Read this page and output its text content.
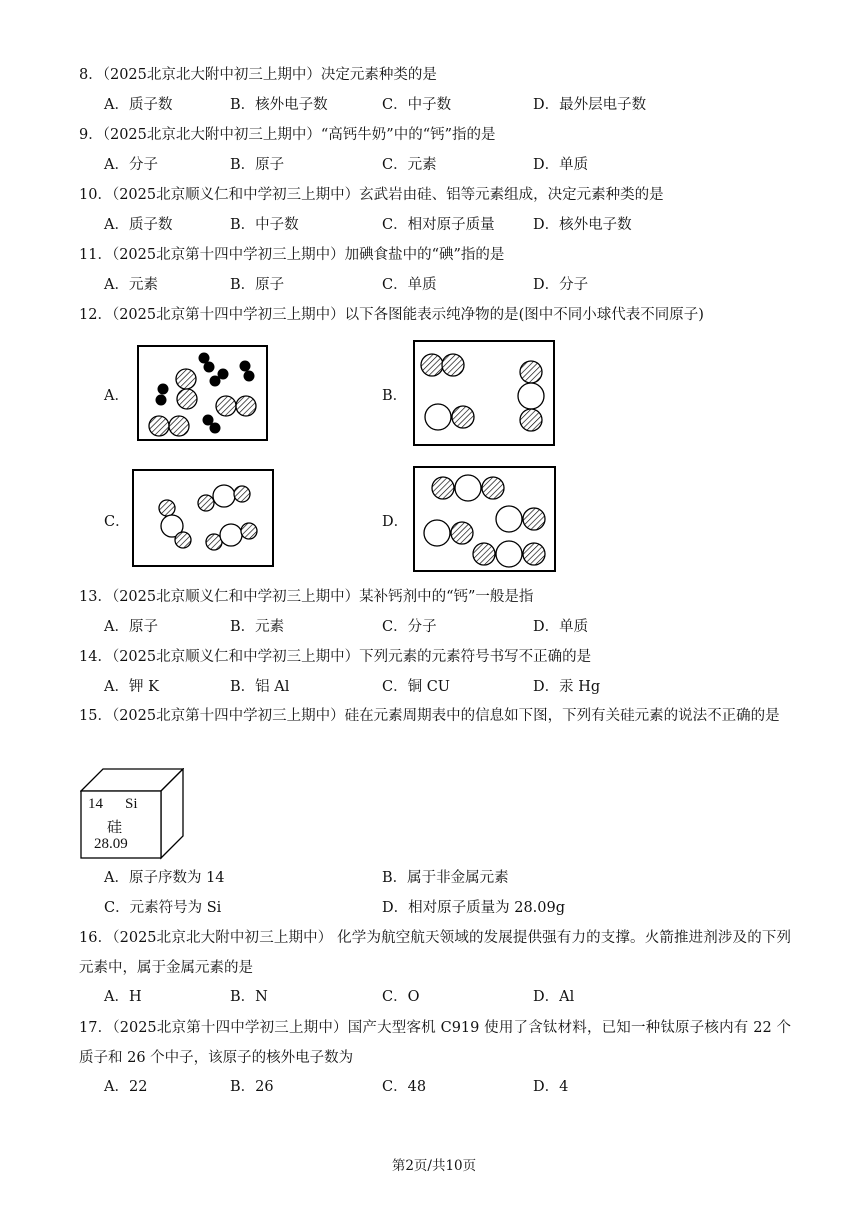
8．（2025北京北大附中初三上期中）决定元素种类的是
A．质子数	B．核外电子数	C．中子数	D．最外层电子数
9．（2025北京北大附中初三上期中）“高钙牛奶”中的“钙”指的是
A．分子	B．原子	C．元素	D．单质
10．（2025北京顺义仁和中学初三上期中）玄武岩由硅、铝等元素组成，决定元素种类的是
A．质子数	B．中子数	C．相对原子质量	D．核外电子数
11．（2025北京第十四中学初三上期中）加碘食盐中的“碘”指的是
A．元素	B．原子	C．单质	D．分子
12．（2025北京第十四中学初三上期中）以下各图能表示纯净物的是(图中不同小球代表不同原子)
A．	B．
C．	D．
13．（2025北京顺义仁和中学初三上期中）某补钙剂中的“钙”一般是指
A．原子	B．元素	C．分子	D．单质
14．（2025北京顺义仁和中学初三上期中）下列元素的元素符号书写不正确的是
A．钾 K	B．铝 Al	C．铜 CU	D．汞 Hg
15．（2025北京第十四中学初三上期中）硅在元素周期表中的信息如下图，下列有关硅元素的说法不正确的是
14 Si
硅
28.09
A．原子序数为 14	B．属于非金属元素
C．元素符号为 Si	D．相对原子质量为 28.09g
16．（2025北京北大附中初三上期中） 化学为航空航天领域的发展提供强有力的支撑。火箭推进剂涉及的下列元素中，属于金属元素的是
A．H	B．N	C．O	D．Al
17．（2025北京第十四中学初三上期中）国产大型客机 C919 使用了含钛材料，已知一种钛原子核内有 22 个质子和 26 个中子，该原子的核外电子数为
A．22	B．26	C．48	D．4
第2页/共10页
